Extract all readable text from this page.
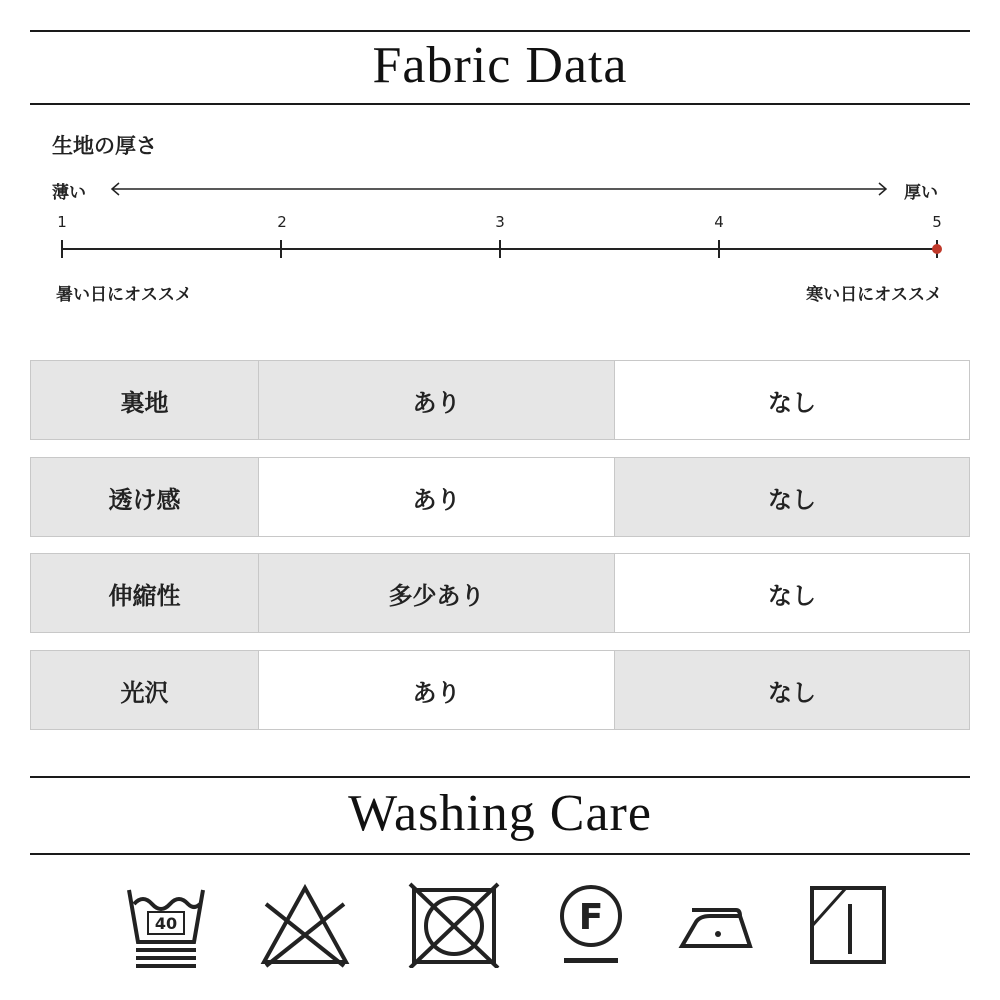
Fabric Data
生地の厚さ
薄い	厚い
1	2	3	4	5
暑い日にオススメ	寒い日にオススメ
裏地	あり	なし
透け感	あり	なし
伸縮性	多少あり	なし
光沢	あり	なし
Washing Care
40	F
